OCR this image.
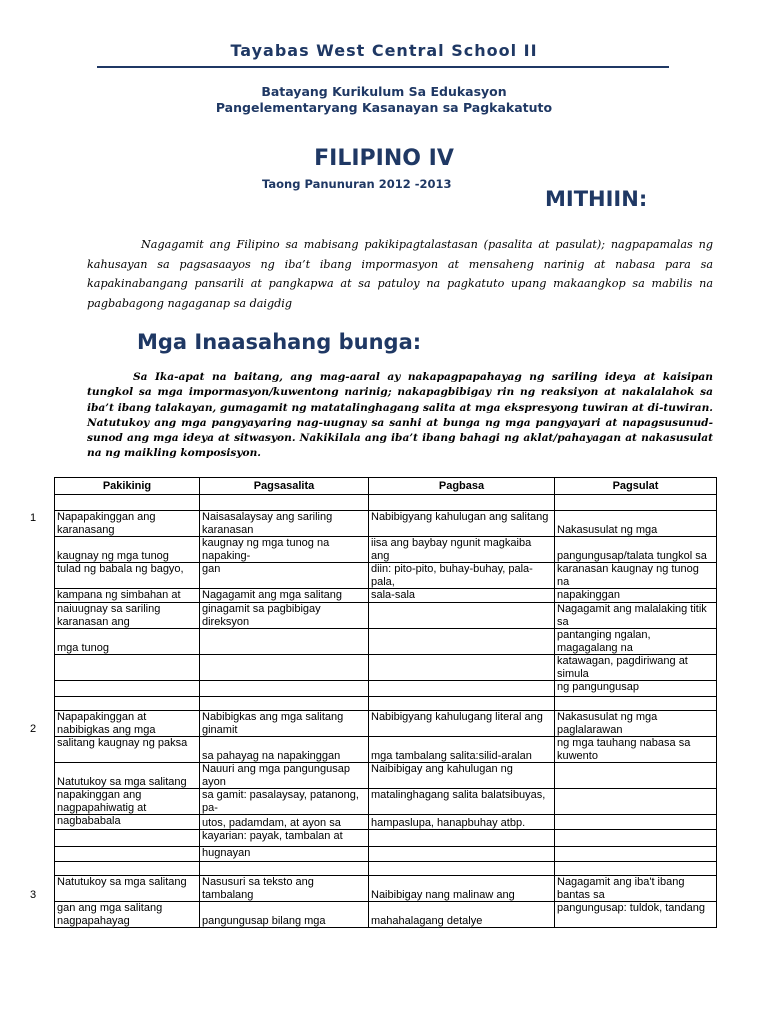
Tayabas West Central School II
Batayang Kurikulum Sa Edukasyon
Pangelementaryang Kasanayan sa Pagkakatuto
FILIPINO IV
Taong Panunuran 2012 -2013
MITHIIN:
Nagagamit ang Filipino sa mabisang pakikipagtalastasan (pasalita at pasulat); nagpapamalas ng kahusayan sa pagsasaayos ng iba’t ibang impormasyon at mensaheng narinig at nabasa para sa kapakinabangang pansarili at pangkapwa at sa patuloy na pagkatuto upang makaangkop sa mabilis na pagbabagong nagaganap sa daigdig
Mga Inaasahang bunga:
Sa Ika-apat na baitang, ang mag-aaral ay nakapagpapahayag ng sariling ideya at kaisipan tungkol sa mga impormasyon/kuwentong narinig; nakapagbibigay rin ng reaksiyon at nakalalahok sa iba’t ibang talakayan, gumagamit ng matatalinghagang salita at mga ekspresyong tuwiran at di-tuwiran. Natutukoy ang mga pangyayaring nag-uugnay sa sanhi at bunga ng mga pangyayari at napagsusunud-sunod ang mga ideya at sitwasyon. Nakikilala ang iba’t ibang bahagi ng aklat/pahayagan at nakasusulat na ng maikling komposisyon.
1
2
3
Pakikinig	Pagsasalita	Pagbasa	Pagsulat

Napapakinggan ang karanasang	Naisasalaysay ang sariling karanasan	Nabibigyang kahulugan ang salitang	Nakasusulat ng mga
kaugnay ng mga tunog	kaugnay ng mga tunog na napaking-	iisa ang baybay ngunit magkaiba ang	pangungusap/talata tungkol sa
tulad ng babala ng bagyo,	gan	diin: pito-pito, buhay-buhay, pala-pala,	karanasan kaugnay ng tunog na
kampana ng simbahan at	Nagagamit ang mga salitang	sala-sala	napakinggan
naiuugnay sa sariling karanasan ang	ginagamit sa pagbibigay direksyon		Nagagamit ang malalaking titik sa
mga tunog			pantanging ngalan, magagalang na
			katawagan, pagdiriwang at simula
			ng pangungusap

Napapakinggan at nabibigkas ang mga	Nabibigkas ang mga salitang ginamit	Nabibigyang kahulugang literal ang	Nakasusulat ng mga paglalarawan
salitang kaugnay ng paksa	sa pahayag na napakinggan	mga tambalang salita:silid-aralan	ng mga tauhang nabasa sa kuwento
Natutukoy sa mga salitang	Nauuri ang mga pangungusap ayon	Naibibigay ang kahulugan ng	
napakinggan ang nagpapahiwatig at	sa gamit: pasalaysay, patanong, pa-	matalinghagang salita balatsibuyas,	
nagbababala	utos, padamdam, at ayon sa	hampaslupa, hanapbuhay atbp.	
	kayarian: payak, tambalan at		
	hugnayan		

Natutukoy sa mga salitang	Nasusuri sa teksto ang tambalang	Naibibigay nang malinaw ang	Nagagamit ang iba't ibang bantas sa
gan ang mga salitang nagpapahayag	pangungusap bilang mga	mahahalagang detalye	pangungusap: tuldok, tandang
